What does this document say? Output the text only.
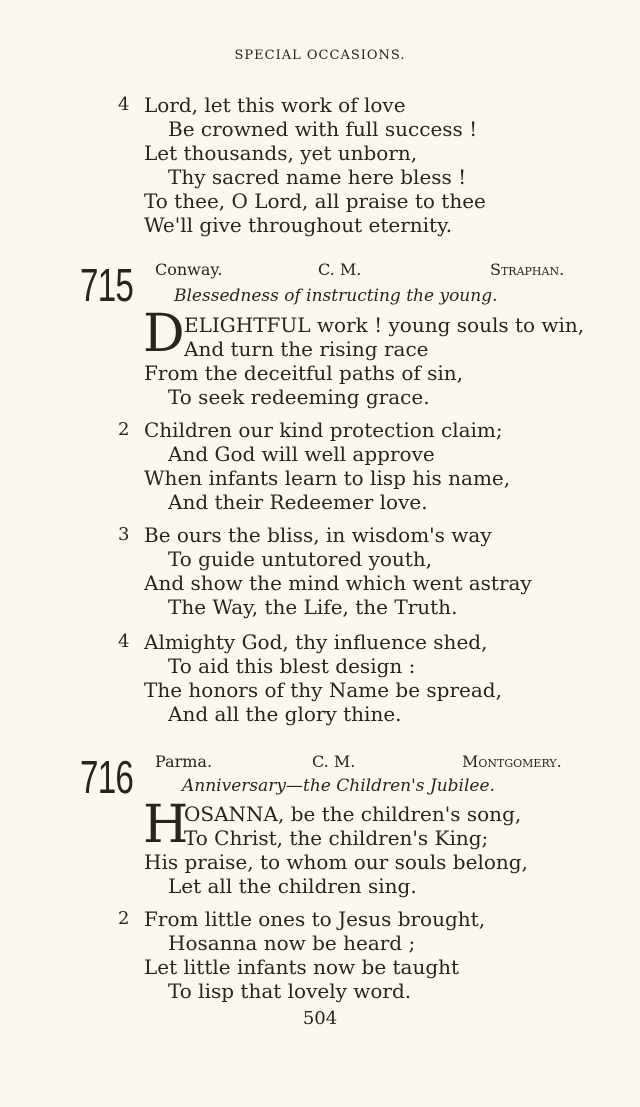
SPECIAL OCCASIONS.
4 Lord, let this work of love
Be crowned with full success !
Let thousands, yet unborn,
Thy sacred name here bless !
To thee, O Lord, all praise to thee
We'll give throughout eternity.
715 Conway.	C. M.	Straphan.
Blessedness of instructing the young.
D ELIGHTFUL work ! young souls to win,
And turn the rising race
From the deceitful paths of sin,
To seek redeeming grace.
2 Children our kind protection claim;
And God will well approve
When infants learn to lisp his name,
And their Redeemer love.
3 Be ours the bliss, in wisdom's way
To guide untutored youth,
And show the mind which went astray
The Way, the Life, the Truth.
4 Almighty God, thy influence shed,
To aid this blest design :
The honors of thy Name be spread,
And all the glory thine.
716 Parma.	C. M.	Montgomery.
Anniversary—the Children's Jubilee.
H
OSANNA, be the children's song,
To Christ, the children's King;
His praise, to whom our souls belong,
Let all the children sing.
2 From little ones to Jesus brought,
Hosanna now be heard ;
Let little infants now be taught
To lisp that lovely word.
504
